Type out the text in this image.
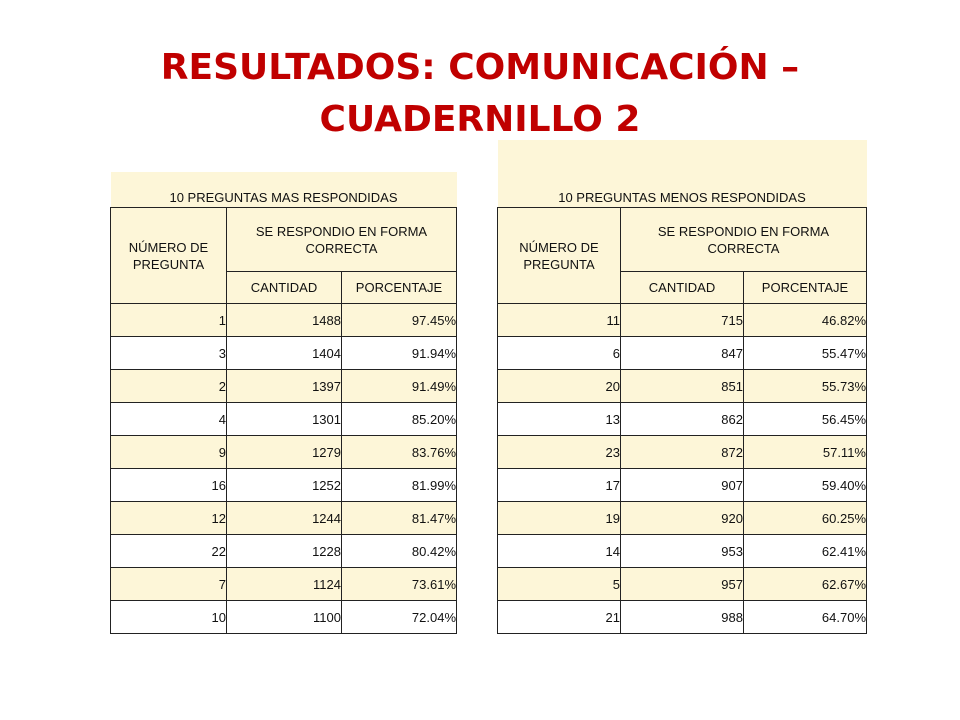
RESULTADOS: COMUNICACIÓN – CUADERNILLO 2
10 PREGUNTAS MAS RESPONDIDAS		
NÚMERO DE PREGUNTA	SE RESPONDIO EN FORMA CORRECTA	
	CANTIDAD	PORCENTAJE
1	1488	97.45%
3	1404	91.94%
2	1397	91.49%
4	1301	85.20%
9	1279	83.76%
16	1252	81.99%
12	1244	81.47%
22	1228	80.42%
7	1124	73.61%
10	1100	72.04%
10 PREGUNTAS MENOS RESPONDIDAS		
NÚMERO DE PREGUNTA	SE RESPONDIO EN FORMA CORRECTA	
	CANTIDAD	PORCENTAJE
11	715	46.82%
6	847	55.47%
20	851	55.73%
13	862	56.45%
23	872	57.11%
17	907	59.40%
19	920	60.25%
14	953	62.41%
5	957	62.67%
21	988	64.70%
